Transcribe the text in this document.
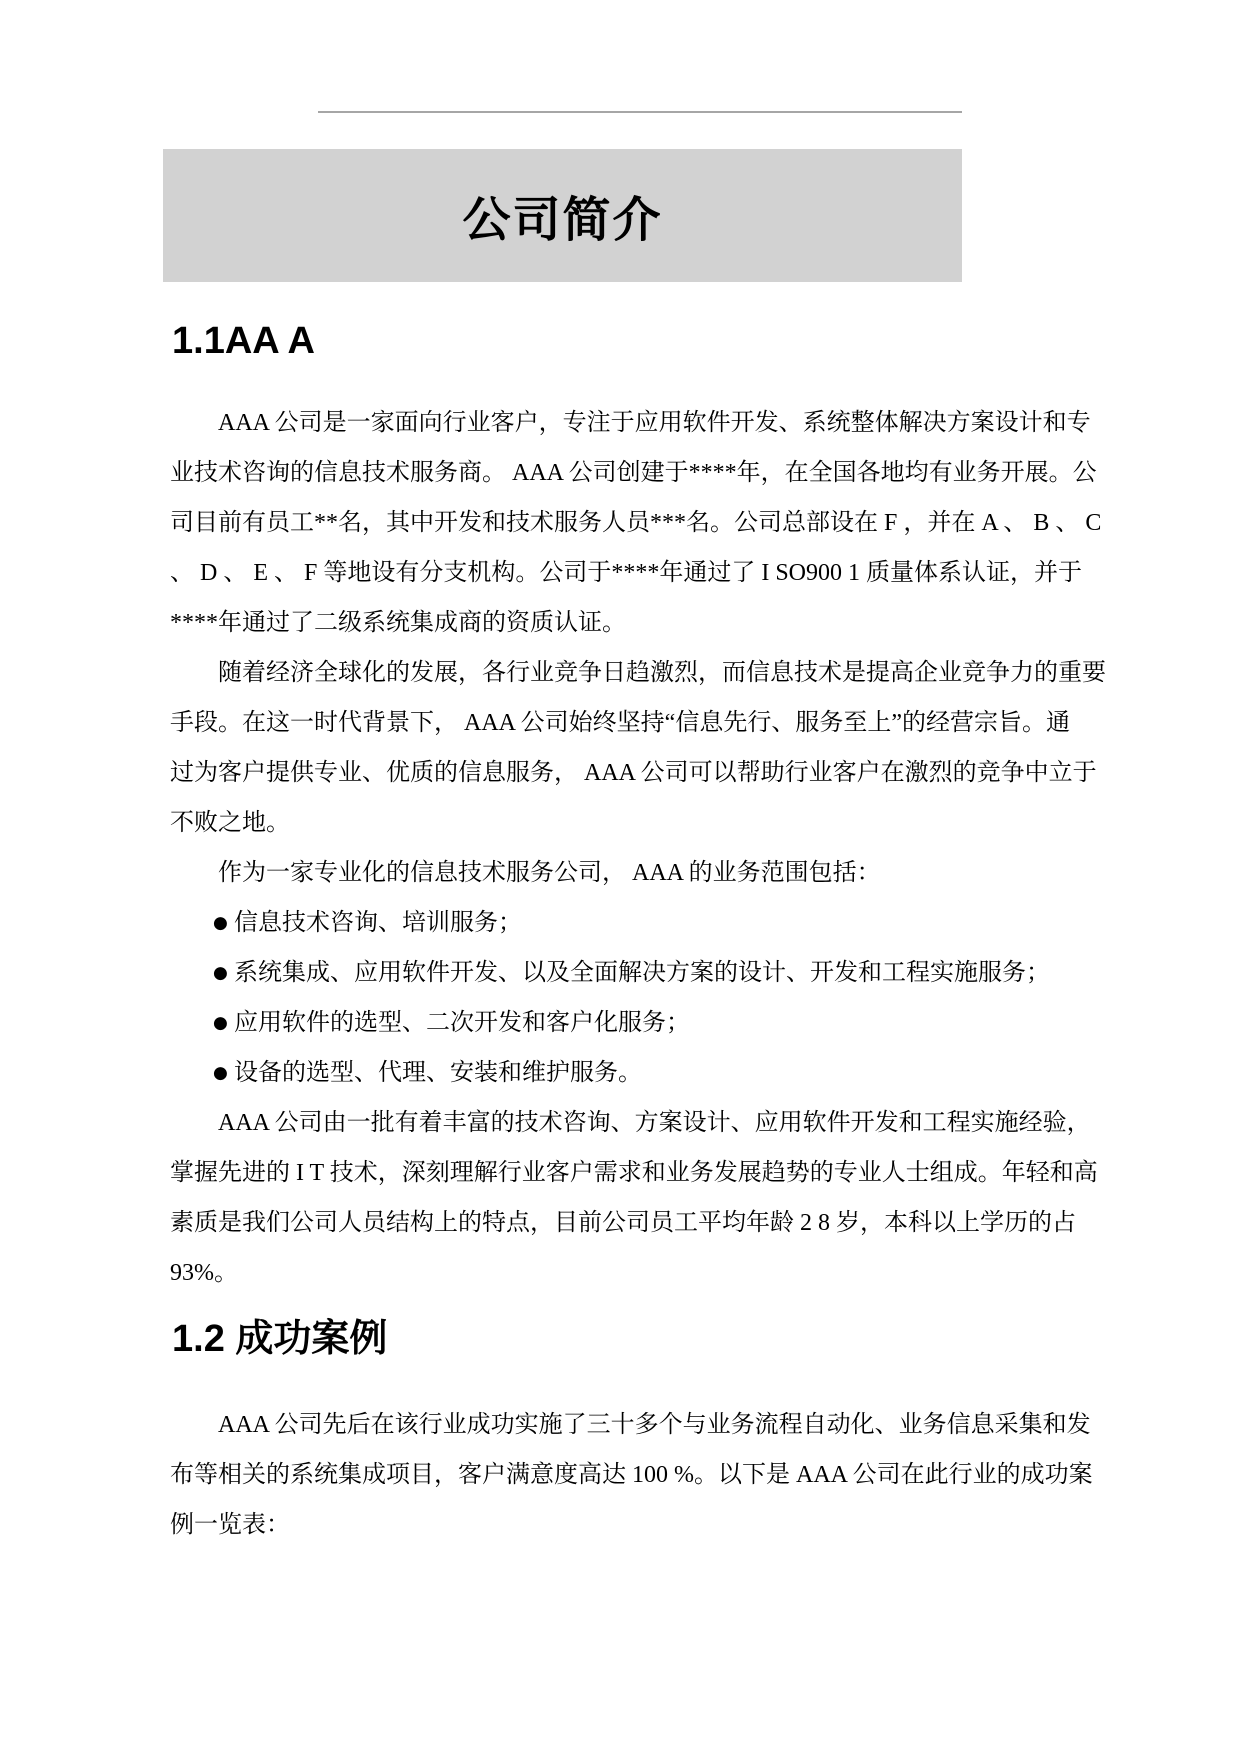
公司简介
1.1AA A
AAA 公司是一家面向行业客户，专注于应用软件开发、系统整体解决方案设计和专
业技术咨询的信息技术服务商。 AAA 公司创建于****年，在全国各地均有业务开展。公
司目前有员工**名，其中开发和技术服务人员***名。公司总部设在 F ，并在 A 、 B 、 C
、 D 、 E 、 F 等地设有分支机构。公司于****年通过了 I SO900 1 质量体系认证，并于
****年通过了二级系统集成商的资质认证。
随着经济全球化的发展，各行业竞争日趋激烈，而信息技术是提高企业竞争力的重要
手段。在这一时代背景下， AAA 公司始终坚持“信息先行、服务至上”的经营宗旨。通
过为客户提供专业、优质的信息服务， AAA 公司可以帮助行业客户在激烈的竞争中立于
不败之地。
作为一家专业化的信息技术服务公司， AAA 的业务范围包括：
● 信息技术咨询、培训服务；
● 系统集成、应用软件开发、以及全面解决方案的设计、开发和工程实施服务；
● 应用软件的选型、二次开发和客户化服务；
● 设备的选型、代理、安装和维护服务。
AAA 公司由一批有着丰富的技术咨询、方案设计、应用软件开发和工程实施经验，
掌握先进的 I T 技术，深刻理解行业客户需求和业务发展趋势的专业人士组成。年轻和高
素质是我们公司人员结构上的特点，目前公司员工平均年龄 2 8 岁，本科以上学历的占
93%。
1.2 成功案例
AAA 公司先后在该行业成功实施了三十多个与业务流程自动化、业务信息采集和发
布等相关的系统集成项目，客户满意度高达 100 %。以下是 AAA 公司在此行业的成功案
例一览表：
